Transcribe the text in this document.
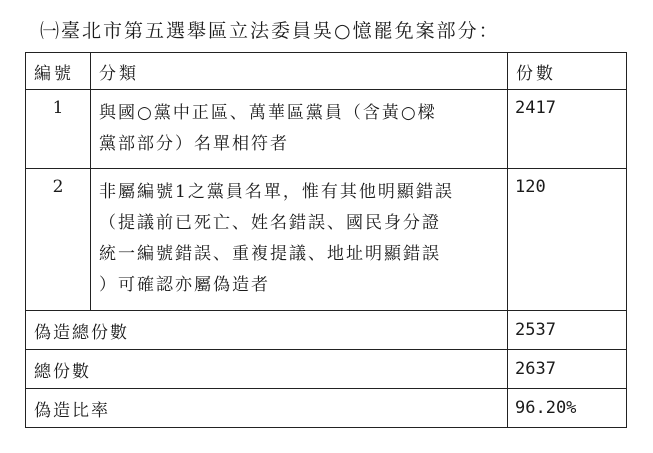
㈠臺北市第五選舉區立法委員吳○憶罷免案部分：
編號	分類	份數
1	與國○黨中正區、萬華區黨員（含黃○樑
黨部部分）名單相符者	2417
2	非屬編號1之黨員名單，惟有其他明顯錯誤
（提議前已死亡、姓名錯誤、國民身分證
統一編號錯誤、重複提議、地址明顯錯誤
）可確認亦屬偽造者	120
偽造總份數		2537
總份數		2637
偽造比率		96.20%
